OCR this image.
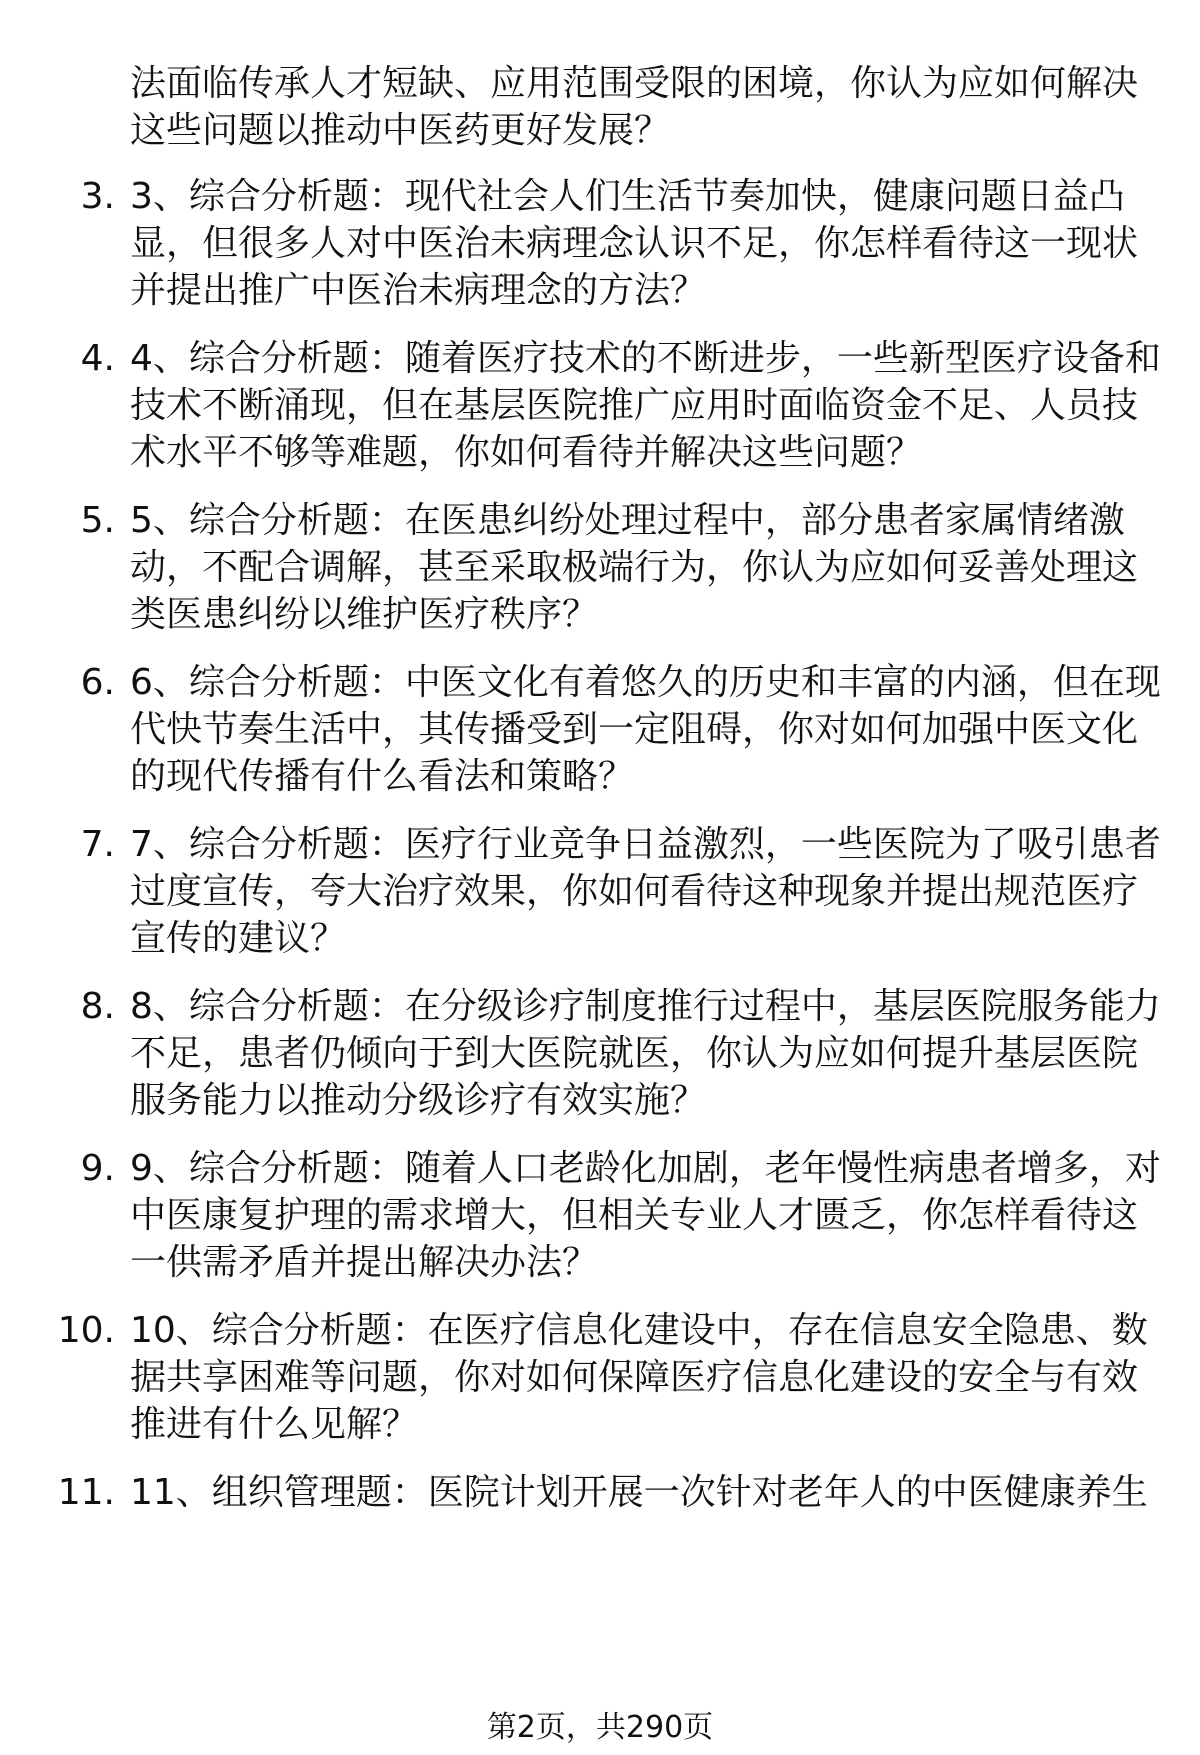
法面临传承人才短缺、应用范围受限的困境，你认为应如何解决
这些问题以推动中医药更好发展？
3. 3、综合分析题：现代社会人们生活节奏加快，健康问题日益凸
显，但很多人对中医治未病理念认识不足，你怎样看待这一现状
并提出推广中医治未病理念的方法？
4. 4、综合分析题：随着医疗技术的不断进步，一些新型医疗设备和
技术不断涌现，但在基层医院推广应用时面临资金不足、人员技
术水平不够等难题，你如何看待并解决这些问题？
5. 5、综合分析题：在医患纠纷处理过程中，部分患者家属情绪激
动，不配合调解，甚至采取极端行为，你认为应如何妥善处理这
类医患纠纷以维护医疗秩序？
6. 6、综合分析题：中医文化有着悠久的历史和丰富的内涵，但在现
代快节奏生活中，其传播受到一定阻碍，你对如何加强中医文化
的现代传播有什么看法和策略？
7. 7、综合分析题：医疗行业竞争日益激烈，一些医院为了吸引患者
过度宣传，夸大治疗效果，你如何看待这种现象并提出规范医疗
宣传的建议？
8. 8、综合分析题：在分级诊疗制度推行过程中，基层医院服务能力
不足，患者仍倾向于到大医院就医，你认为应如何提升基层医院
服务能力以推动分级诊疗有效实施？
9. 9、综合分析题：随着人口老龄化加剧，老年慢性病患者增多，对
中医康复护理的需求增大，但相关专业人才匮乏，你怎样看待这
一供需矛盾并提出解决办法？
10. 10、综合分析题：在医疗信息化建设中，存在信息安全隐患、数
据共享困难等问题，你对如何保障医疗信息化建设的安全与有效
推进有什么见解？
11. 11、组织管理题：医院计划开展一次针对老年人的中医健康养生
第2页，共290页
